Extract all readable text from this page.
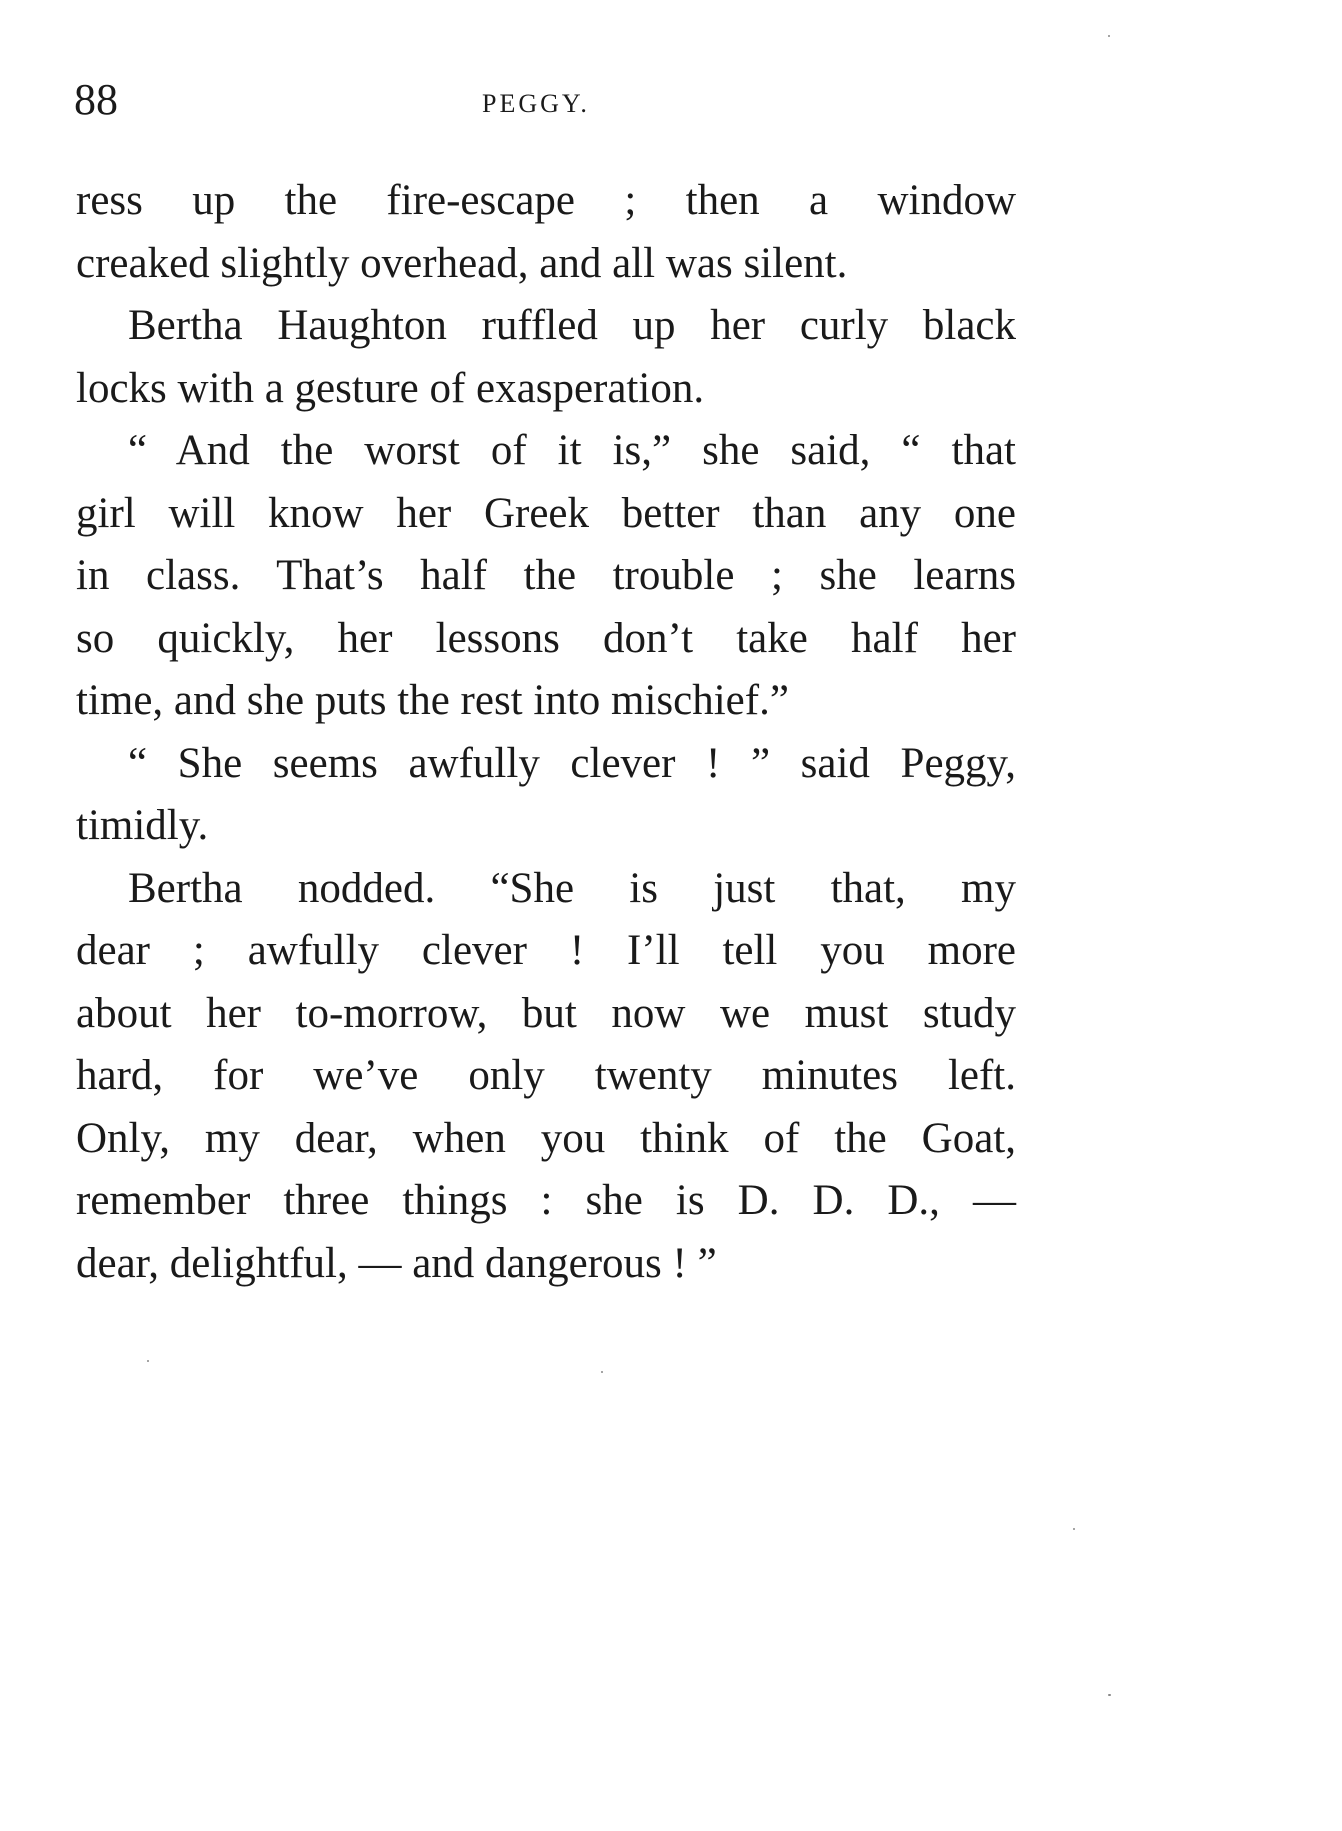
88	PEGGY.
ress up the fire-escape ; then a window
creaked slightly overhead, and all was silent.
Bertha Haughton ruffled up her curly black
locks with a gesture of exasperation.
“ And the worst of it is,” she said, “ that
girl will know her Greek better than any one
in class. That’s half the trouble ; she learns
so quickly, her lessons don’t take half her
time, and she puts the rest into mischief.”
“ She seems awfully clever ! ” said Peggy,
timidly.
Bertha nodded. “She is just that, my
dear ; awfully clever ! I’ll tell you more
about her to-morrow, but now we must study
hard, for we’ve only twenty minutes left.
Only, my dear, when you think of the Goat,
remember three things : she is D. D. D., —
dear, delightful, — and dangerous ! ”
